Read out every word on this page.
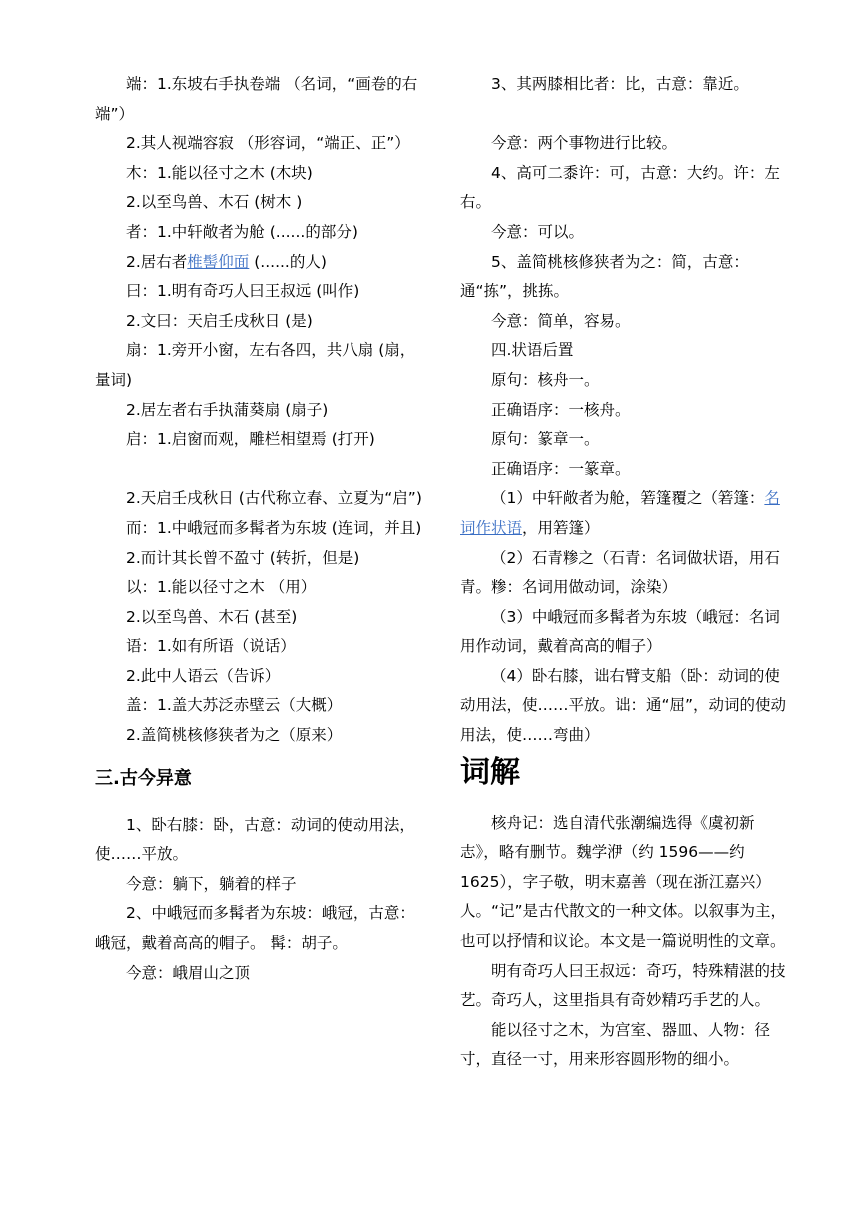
端：1.东坡右手执卷端 （名词，“画卷的右端”）

2.其人视端容寂 （形容词，“端正、正”）

木：1.能以径寸之木 (木块)

2.以至鸟兽、木石 (树木 )

者：1.中轩敞者为舱 (......的部分)

2.居右者椎髻仰面 (......的人)

曰：1.明有奇巧人曰王叔远 (叫作)

2.文曰：天启壬戌秋日 (是)

扇：1.旁开小窗，左右各四，共八扇 (扇，量词)

2.居左者右手执蒲葵扇 (扇子)

启：1.启窗而观，雕栏相望焉 (打开)

2.天启壬戌秋日 (古代称立春、立夏为“启”)

而：1.中峨冠而多髯者为东坡 (连词，并且)

2.而计其长曾不盈寸 (转折，但是)

以：1.能以径寸之木 （用）

2.以至鸟兽、木石 (甚至)

语：1.如有所语（说话）

2.此中人语云（告诉）

盖：1.盖大苏泛赤壁云（大概）

2.盖简桃核修狭者为之（原来）

三.古今异意

1、卧右膝：卧，古意：动词的使动用法，使……平放。

今意：躺下，躺着的样子

2、中峨冠而多髯者为东坡：峨冠，古意：峨冠，戴着高高的帽子。 髯：胡子。

今意：峨眉山之顶

3、其两膝相比者：比，古意：靠近。

今意：两个事物进行比较。

4、高可二黍许：可，古意：大约。许：左右。

今意：可以。

5、盖简桃核修狭者为之：简，古意：通“拣”，挑拣。

今意：简单，容易。

四.状语后置

原句：核舟一。

正确语序：一核舟。

原句：篆章一。

正确语序：一篆章。

（1）中轩敞者为舱，箬篷覆之（箬篷：名词作状语，用箬篷）

（2）石青糁之（石青：名词做状语，用石青。糁：名词用做动词，涂染）

（3）中峨冠而多髯者为东坡（峨冠：名词用作动词，戴着高高的帽子）

（4）卧右膝，诎右臂支船（卧：动词的使动用法，使……平放。诎：通“屈”，动词的使动用法，使……弯曲）

词解

核舟记：选自清代张潮编选得《虞初新志》，略有删节。魏学洢（约 1596——约 1625），字子敬，明末嘉善（现在浙江嘉兴）人。“记”是古代散文的一种文体。以叙事为主，也可以抒情和议论。本文是一篇说明性的文章。

明有奇巧人曰王叔远：奇巧，特殊精湛的技艺。奇巧人，这里指具有奇妙精巧手艺的人。

能以径寸之木，为宫室、器皿、人物：径寸，直径一寸，用来形容圆形物的细小。
